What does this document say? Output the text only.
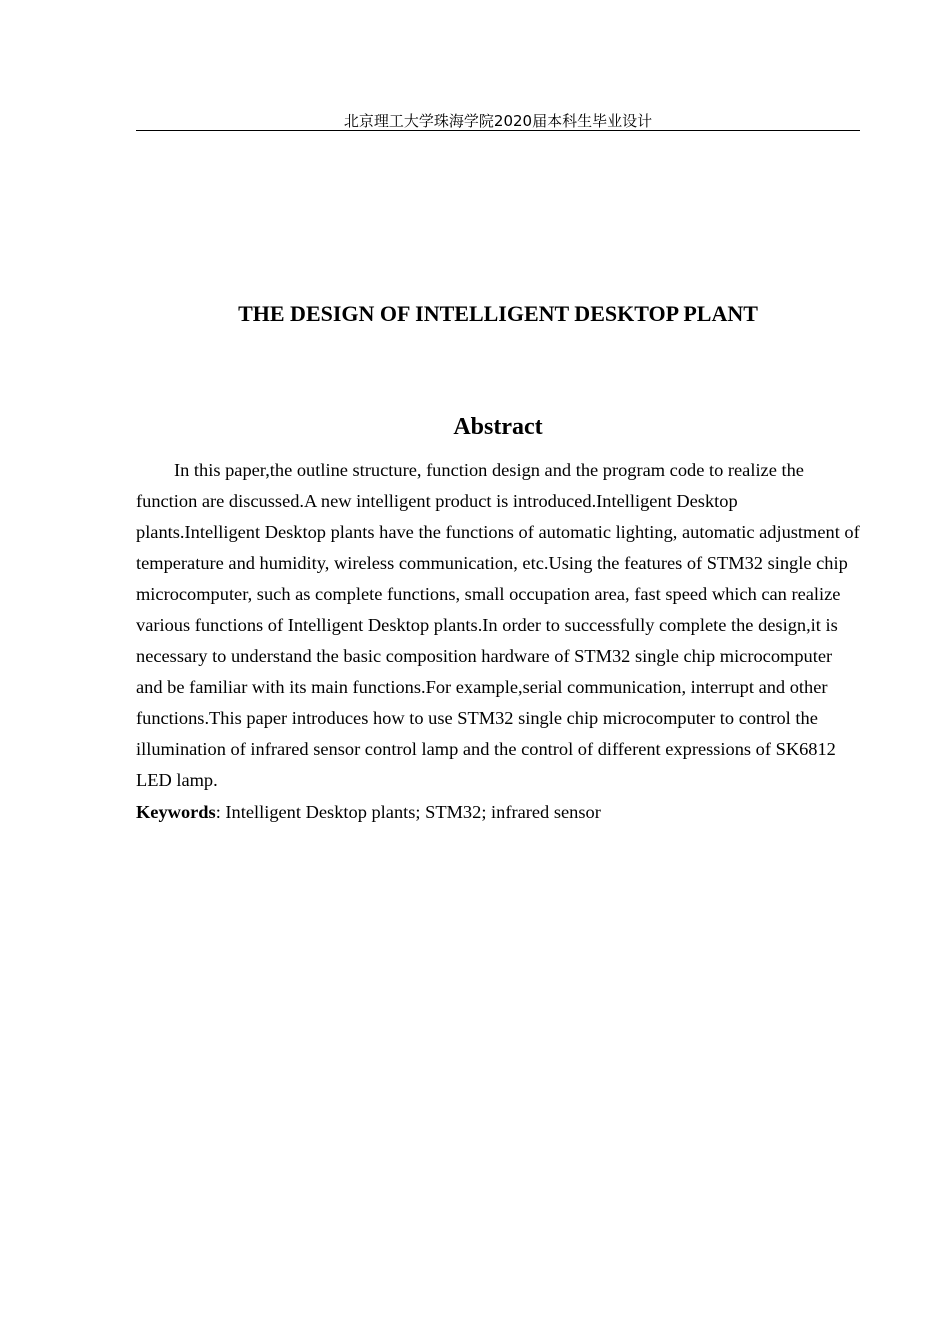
北京理工大学珠海学院2020届本科生毕业设计
THE DESIGN OF INTELLIGENT DESKTOP PLANT
Abstract

In this paper,the outline structure, function design and the program code to realize the function are discussed.A new intelligent product is introduced.Intelligent Desktop plants.Intelligent Desktop plants have the functions of automatic lighting, automatic adjustment of temperature and humidity, wireless communication, etc.Using the features of STM32 single chip microcomputer, such as complete functions, small occupation area, fast speed which can realize various functions of Intelligent Desktop plants.In order to successfully complete the design,it is necessary to understand the basic composition hardware of STM32 single chip microcomputer and be familiar with its main functions.For example,serial communication, interrupt and other functions.This paper introduces how to use STM32 single chip microcomputer to control the illumination of infrared sensor control lamp and the control of different expressions of SK6812 LED lamp.

Keywords: Intelligent Desktop plants; STM32; infrared sensor
